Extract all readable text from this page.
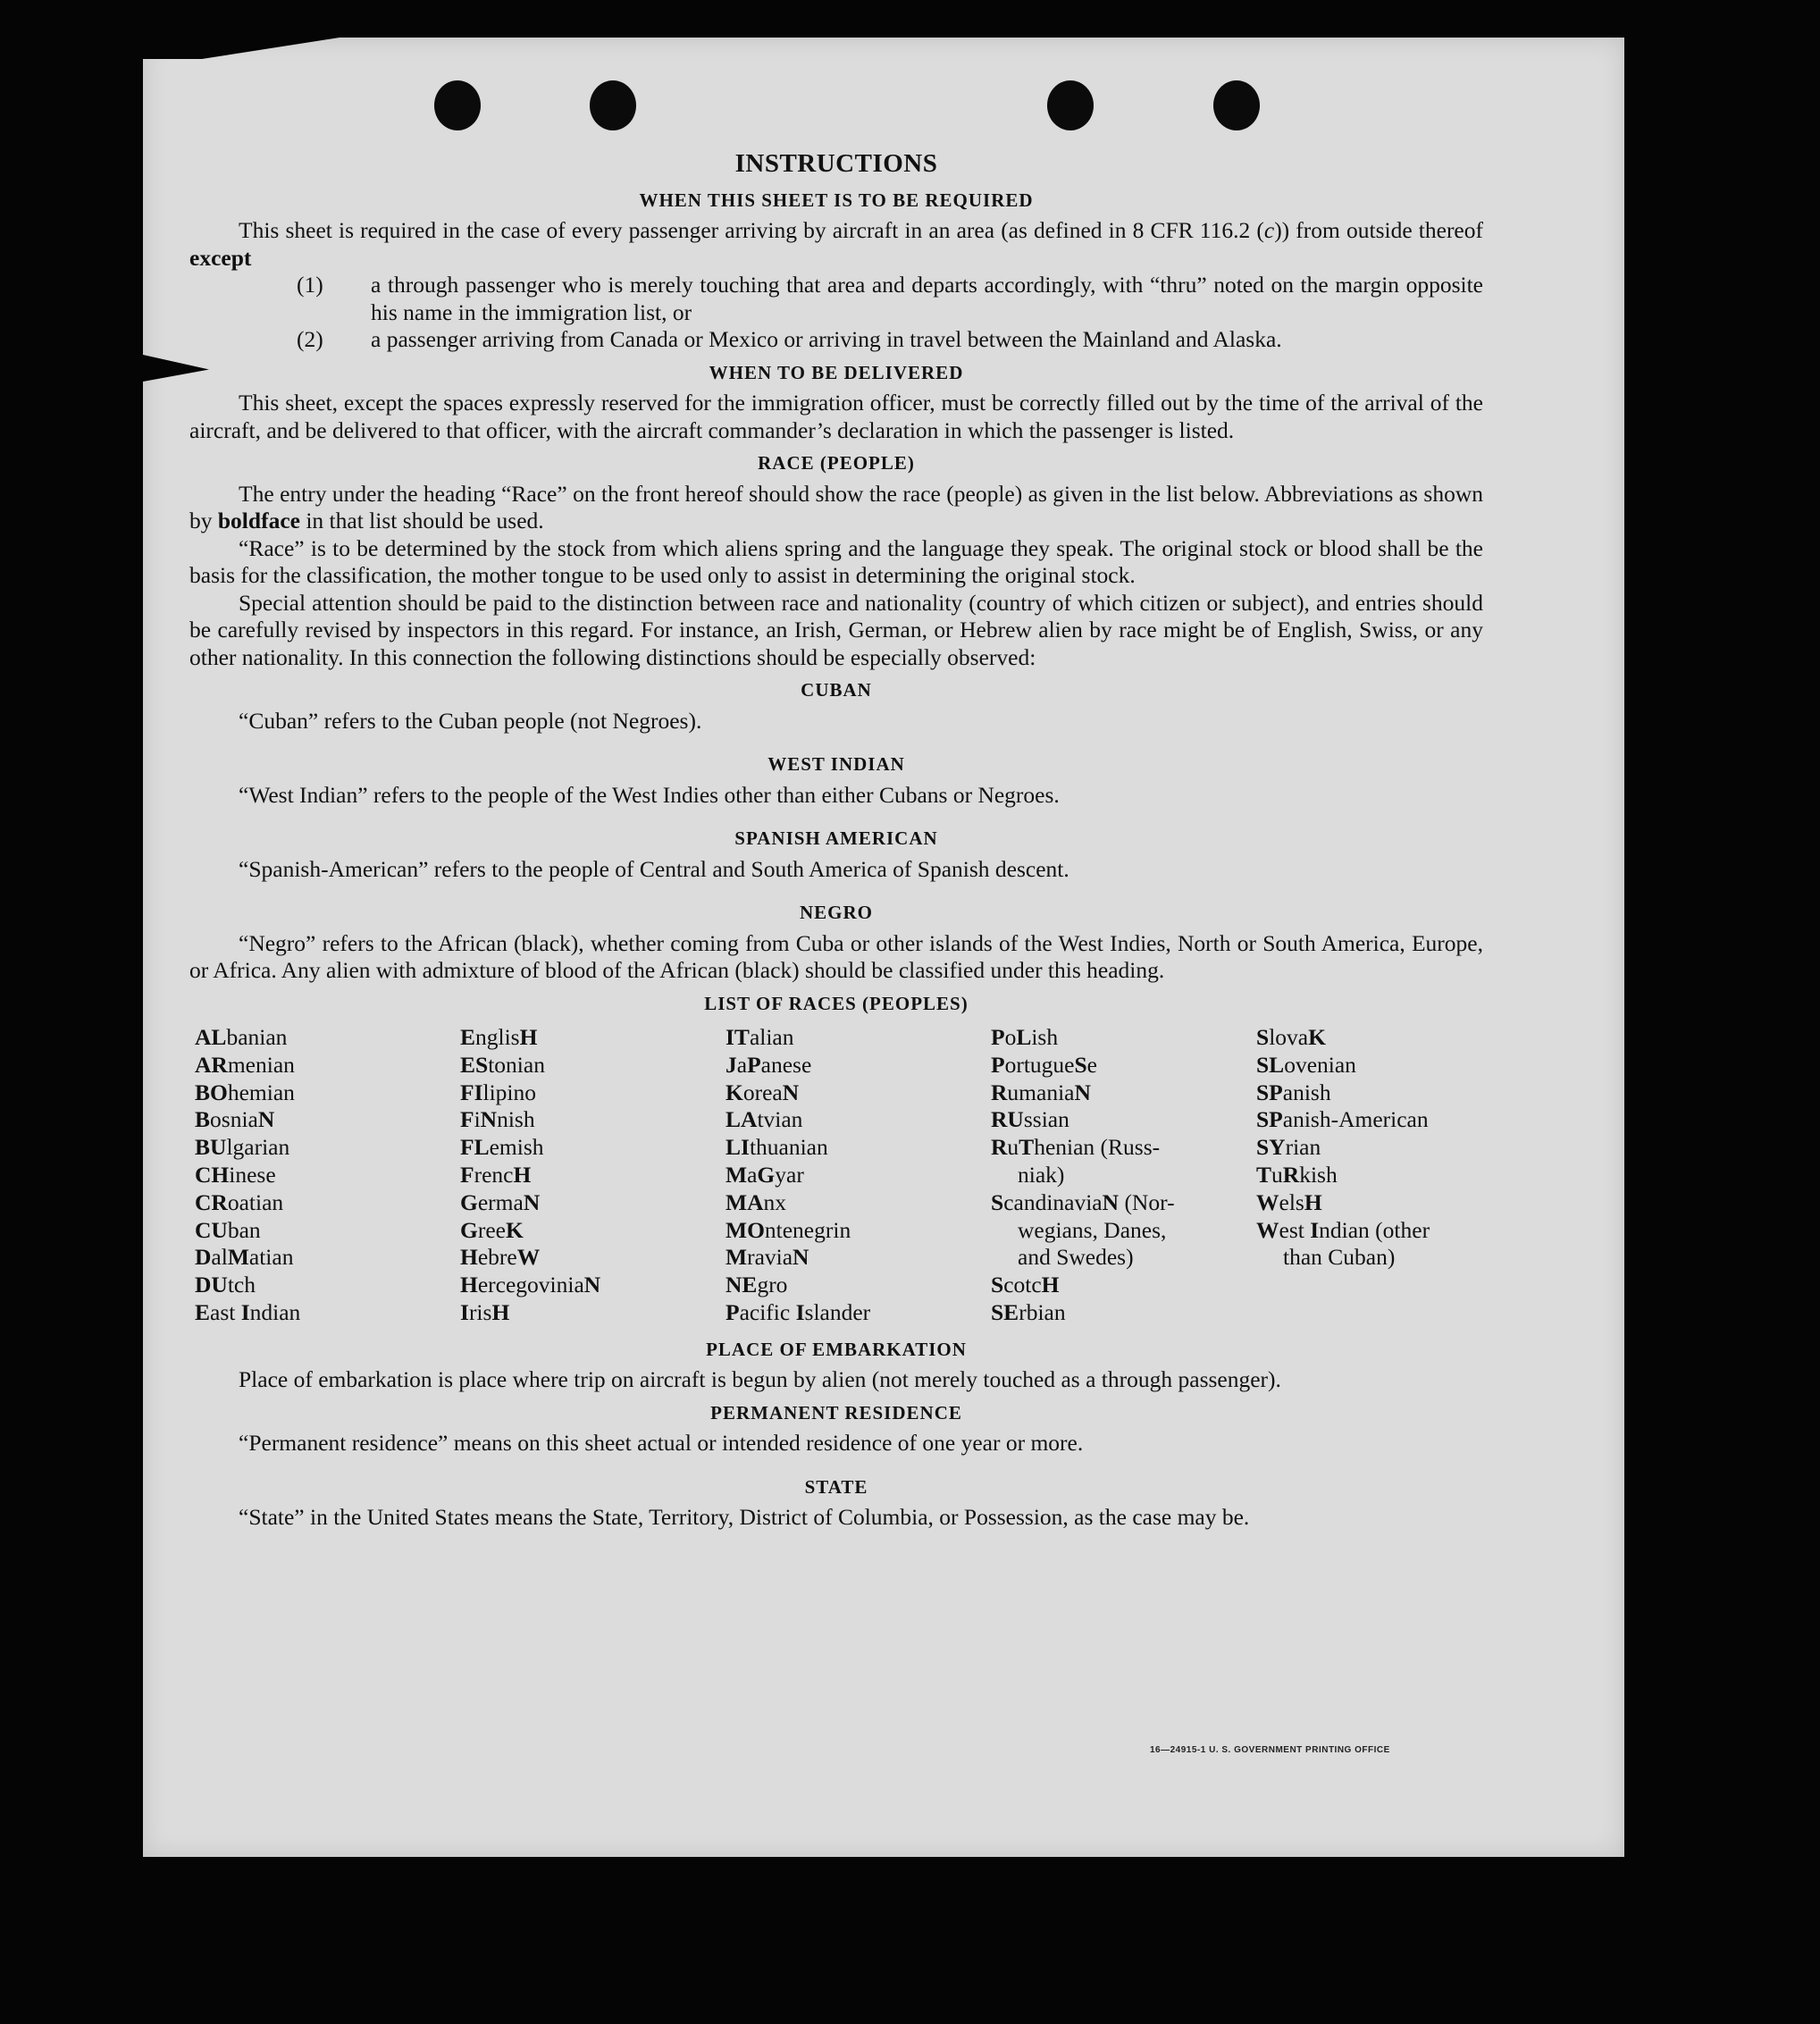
INSTRUCTIONS
WHEN THIS SHEET IS TO BE REQUIRED

This sheet is required in the case of every passenger arriving by aircraft in an area (as defined in 8 CFR 116.2 (c)) from outside thereof except

(1) a through passenger who is merely touching that area and departs accordingly, with “thru” noted on the margin opposite his name in the immigration list, or
(2) a passenger arriving from Canada or Mexico or arriving in travel between the Mainland and Alaska.
WHEN TO BE DELIVERED

This sheet, except the spaces expressly reserved for the immigration officer, must be correctly filled out by the time of the arrival of the aircraft, and be delivered to that officer, with the aircraft commander’s declaration in which the passenger is listed.

RACE (PEOPLE)

The entry under the heading “Race” on the front hereof should show the race (people) as given in the list below. Abbreviations as shown by boldface in that list should be used.

“Race” is to be determined by the stock from which aliens spring and the language they speak. The original stock or blood shall be the basis for the classification, the mother tongue to be used only to assist in determining the original stock.

Special attention should be paid to the distinction between race and nationality (country of which citizen or subject), and entries should be carefully revised by inspectors in this regard. For instance, an Irish, German, or Hebrew alien by race might be of English, Swiss, or any other nationality. In this connection the following distinctions should be especially observed:

CUBAN

“Cuban” refers to the Cuban people (not Negroes).

WEST INDIAN

“West Indian” refers to the people of the West Indies other than either Cubans or Negroes.

SPANISH AMERICAN

“Spanish-American” refers to the people of Central and South America of Spanish descent.

NEGRO

“Negro” refers to the African (black), whether coming from Cuba or other islands of the West Indies, North or South America, Europe, or Africa. Any alien with admixture of blood of the African (black) should be classified under this heading.

LIST OF RACES (PEOPLES)
ALbanian
ARmenian
BOhemian
BosniaN
BUlgarian
CHinese
CRoatian
CUban
DalMatian
DUtch
East Indian
EnglisH
EStonian
FIlipino
FiNnish
FLemish
FrencH
GermaN
GreeK
HebreW
HercegoviniaN
IrisH
ITalian
JaPanese
KoreaN
LAtvian
LIthuanian
MaGyar
MAnx
MOntenegrin
MraviaN
NEgro
Pacific Islander
PoLish
PortugueSe
RumaniaN
RUssian
RuThenian (Russ-
niak)
ScandinaviaN (Nor-
wegians, Danes,
and Swedes)
ScotcH
SErbian
SlovaK
SLovenian
SPanish
SPanish-American
SYrian
TuRkish
WelsH
West Indian (other
than Cuban)
PLACE OF EMBARKATION

Place of embarkation is place where trip on aircraft is begun by alien (not merely touched as a through passenger).

PERMANENT RESIDENCE

“Permanent residence” means on this sheet actual or intended residence of one year or more.

STATE

“State” in the United States means the State, Territory, District of Columbia, or Possession, as the case may be.

16—24915-1 U. S. GOVERNMENT PRINTING OFFICE
